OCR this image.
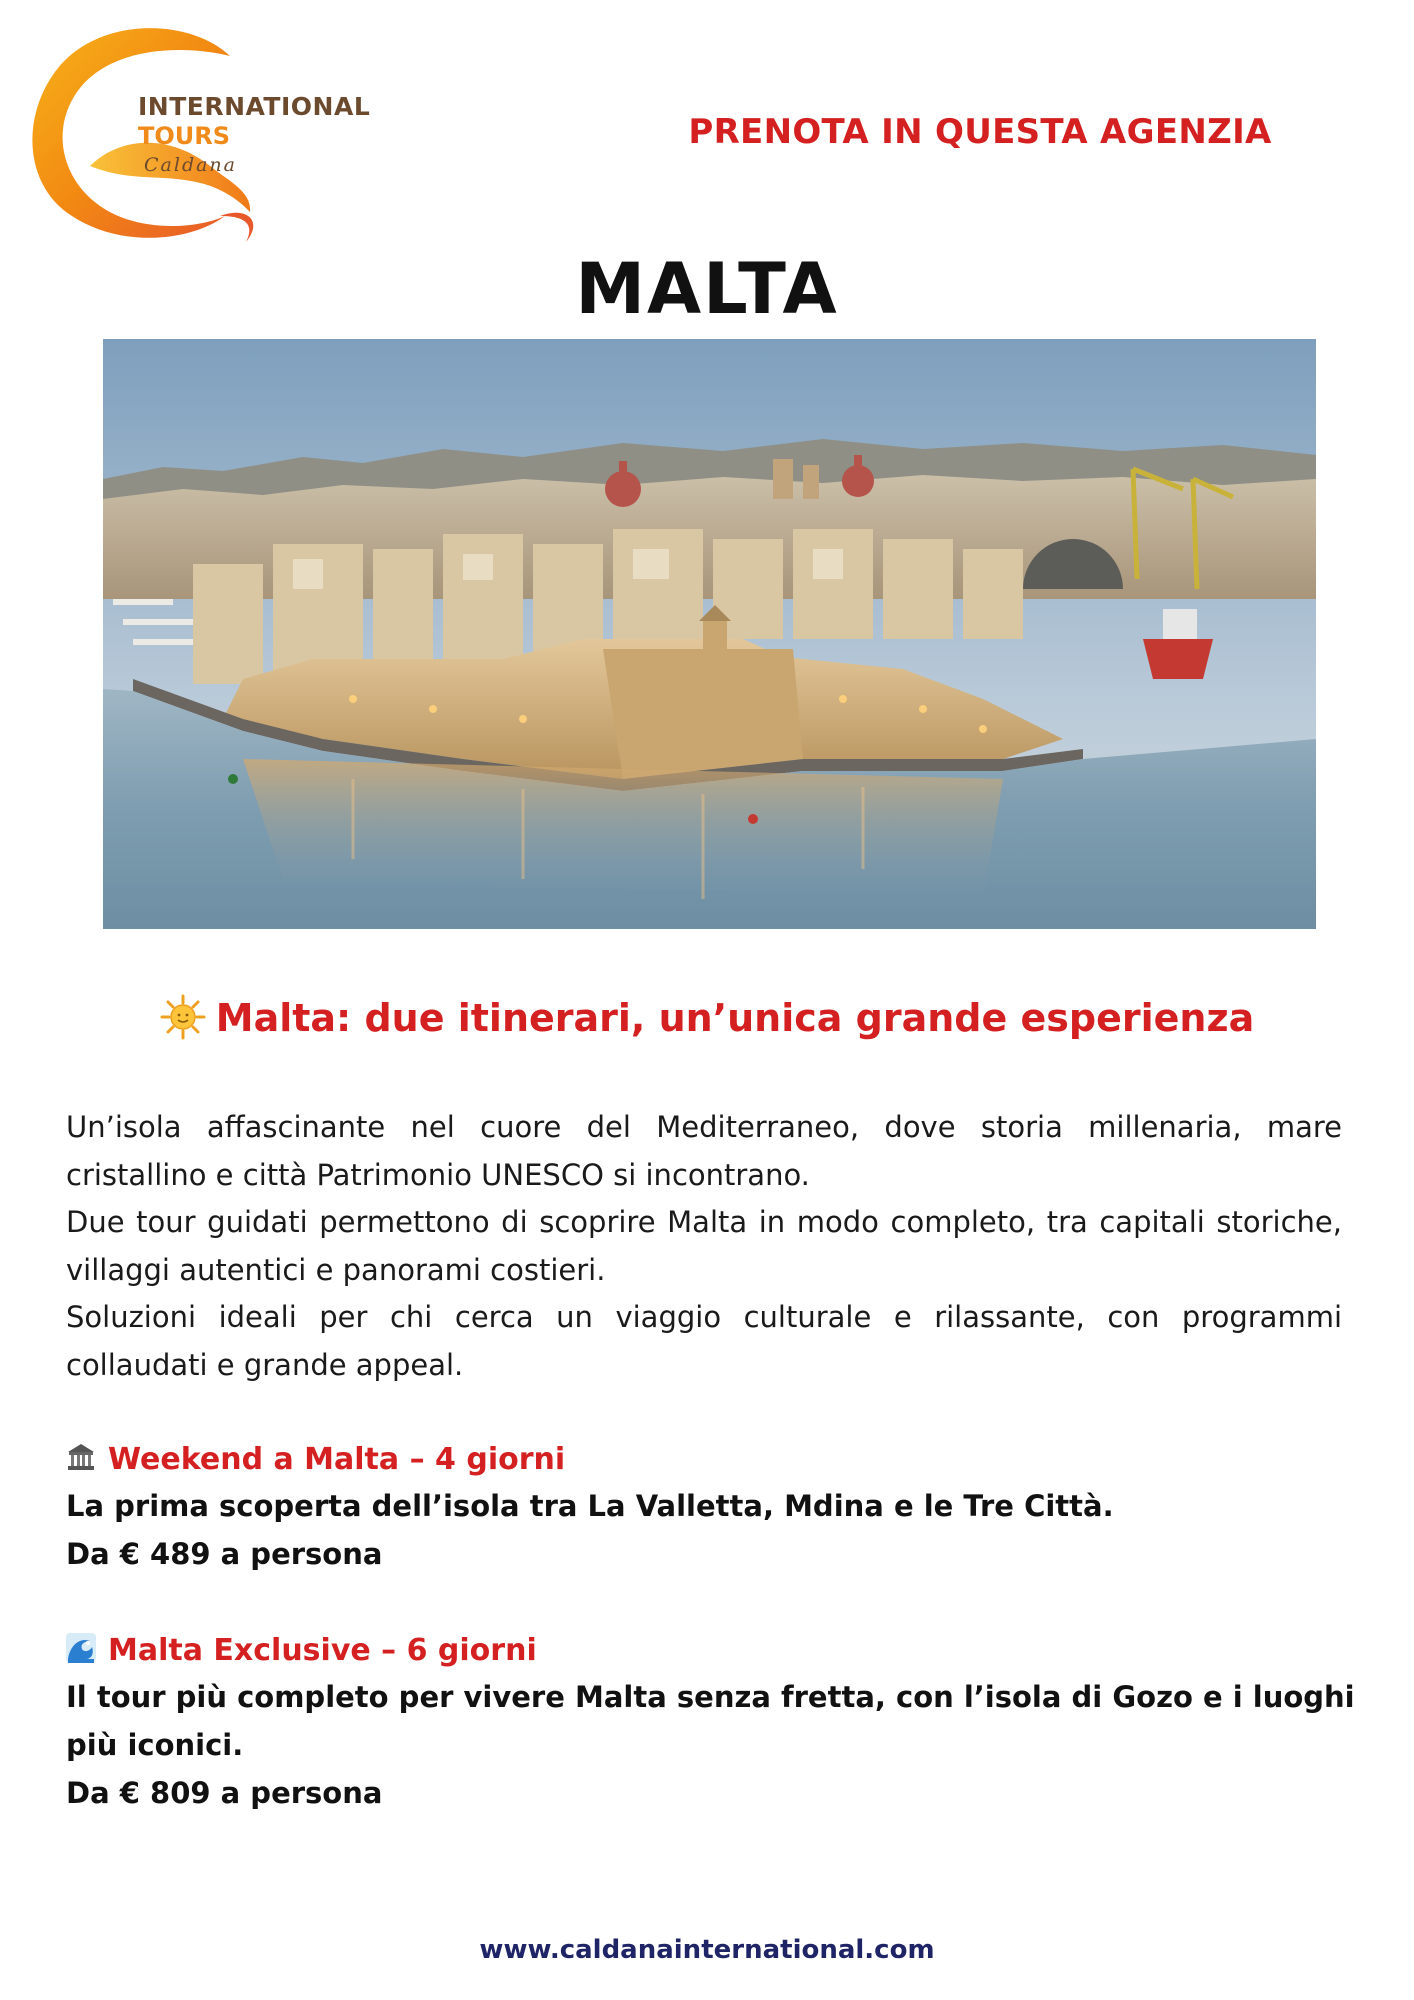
INTERNATIONAL
TOURS
Caldana
PRENOTA IN QUESTA AGENZIA
MALTA
Malta: due itinerari, un’unica grande esperienza

Un’isola affascinante nel cuore del Mediterraneo, dove storia millenaria, mare cristallino e città Patrimonio UNESCO si incontrano.

Due tour guidati permettono di scoprire Malta in modo completo, tra capitali storiche, villaggi autentici e panorami costieri.

Soluzioni ideali per chi cerca un viaggio culturale e rilassante, con programmi collaudati e grande appeal.

Weekend a Malta – 4 giorni
La prima scoperta dell’isola tra La Valletta, Mdina e le Tre Città.
Da € 489 a persona
Malta Exclusive – 6 giorni
Il tour più completo per vivere Malta senza fretta, con l’isola di Gozo e i luoghi più iconici.
Da € 809 a persona
www.caldanainternational.com
